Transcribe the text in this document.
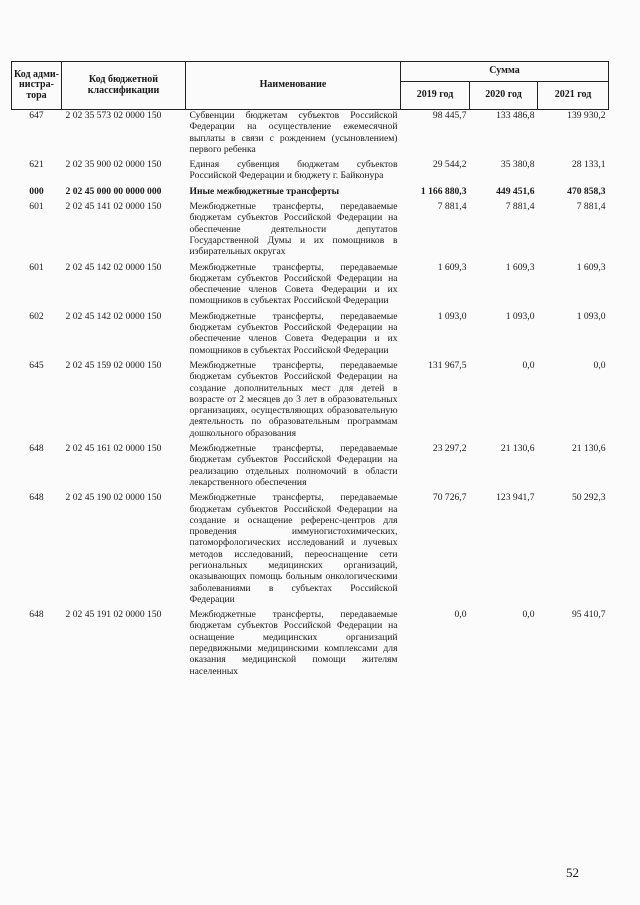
Код адми-нистра-тора	Код бюджетной классификации	Наименование	Сумма		
			2019 год	2020 год	2021 год
647	2 02 35 573 02 0000 150	Субвенции бюджетам субъектов Российской Федерации на осуществление ежемесячной выплаты в связи с рождением (усыновлением) первого ребенка	98 445,7	133 486,8	139 930,2
621	2 02 35 900 02 0000 150	Единая субвенция бюджетам субъектов Российской Федерации и бюджету г. Байконура	29 544,2	35 380,8	28 133,1
000	2 02 45 000 00 0000 000	Иные межбюджетные трансферты	1 166 880,3	449 451,6	470 858,3
601	2 02 45 141 02 0000 150	Межбюджетные трансферты, передаваемые бюджетам субъектов Российской Федерации на обеспечение деятельности депутатов Государственной Думы и их помощников в избирательных округах	7 881,4	7 881,4	7 881,4
601	2 02 45 142 02 0000 150	Межбюджетные трансферты, передаваемые бюджетам субъектов Российской Федерации на обеспечение членов Совета Федерации и их помощников в субъектах Российской Федерации	1 609,3	1 609,3	1 609,3
602	2 02 45 142 02 0000 150	Межбюджетные трансферты, передаваемые бюджетам субъектов Российской Федерации на обеспечение членов Совета Федерации и их помощников в субъектах Российской Федерации	1 093,0	1 093,0	1 093,0
645	2 02 45 159 02 0000 150	Межбюджетные трансферты, передаваемые бюджетам субъектов Российской Федерации на создание дополнительных мест для детей в возрасте от 2 месяцев до 3 лет в образовательных организациях, осуществляющих образовательную деятельность по образовательным программам дошкольного образования	131 967,5	0,0	0,0
648	2 02 45 161 02 0000 150	Межбюджетные трансферты, передаваемые бюджетам субъектов Российской Федерации на реализацию отдельных полномочий в области лекарственного обеспечения	23 297,2	21 130,6	21 130,6
648	2 02 45 190 02 0000 150	Межбюджетные трансферты, передаваемые бюджетам субъектов Российской Федерации на создание и оснащение референс-центров для проведения иммуногистохимических, патоморфологических исследований и лучевых методов исследований, переоснащение сети региональных медицинских организаций, оказывающих помощь больным онкологическими заболеваниями в субъектах Российской Федерации	70 726,7	123 941,7	50 292,3
648	2 02 45 191 02 0000 150	Межбюджетные трансферты, передаваемые бюджетам субъектов Российской Федерации на оснащение медицинских организаций передвижными медицинскими комплексами для оказания медицинской помощи жителям населенных	0,0	0,0	95 410,7
52
